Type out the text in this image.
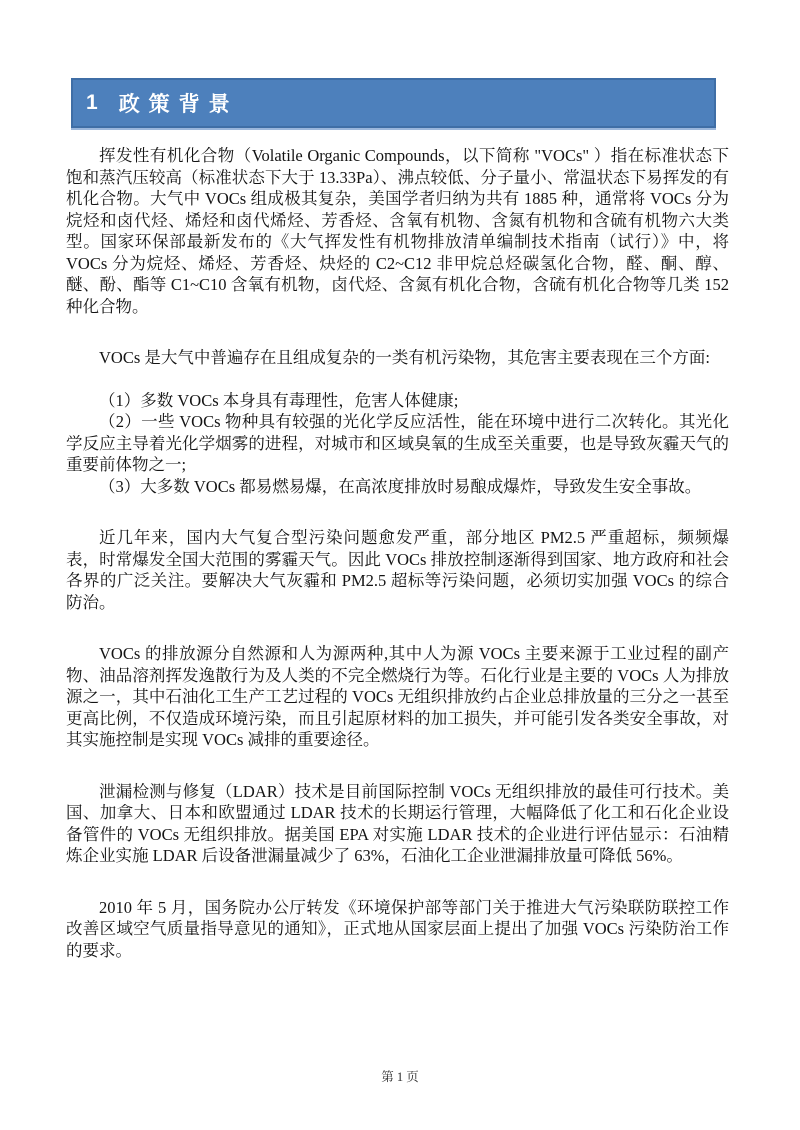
1 政策背景

挥发性有机化合物（Volatile Organic Compounds，以下简称 "VOCs" ）指在标准状态下饱和蒸汽压较高（标准状态下大于 13.33Pa）、沸点较低、分子量小、常温状态下易挥发的有机化合物。大气中 VOCs 组成极其复杂，美国学者归纳为共有 1885 种，通常将 VOCs 分为烷烃和卤代烃、烯烃和卤代烯烃、芳香烃、含氧有机物、含氮有机物和含硫有机物六大类型。国家环保部最新发布的《大气挥发性有机物排放清单编制技术指南（试行）》中，将 VOCs 分为烷烃、烯烃、芳香烃、炔烃的 C2~C12 非甲烷总烃碳氢化合物，醛、酮、醇、醚、酚、酯等 C1~C10 含氧有机物，卤代烃、含氮有机化合物，含硫有机化合物等几类 152 种化合物。

VOCs 是大气中普遍存在且组成复杂的一类有机污染物，其危害主要表现在三个方面:

（1）多数 VOCs 本身具有毒理性，危害人体健康;

（2）一些 VOCs 物种具有较强的光化学反应活性，能在环境中进行二次转化。其光化学反应主导着光化学烟雾的进程，对城市和区域臭氧的生成至关重要，也是导致灰霾天气的重要前体物之一;

（3）大多数 VOCs 都易燃易爆，在高浓度排放时易酿成爆炸，导致发生安全事故。

近几年来，国内大气复合型污染问题愈发严重，部分地区 PM2.5 严重超标，频频爆表，时常爆发全国大范围的雾霾天气。因此 VOCs 排放控制逐渐得到国家、地方政府和社会各界的广泛关注。要解决大气灰霾和 PM2.5 超标等污染问题，必须切实加强 VOCs 的综合防治。

VOCs 的排放源分自然源和人为源两种,其中人为源 VOCs 主要来源于工业过程的副产物、油品溶剂挥发逸散行为及人类的不完全燃烧行为等。石化行业是主要的 VOCs 人为排放源之一，其中石油化工生产工艺过程的 VOCs 无组织排放约占企业总排放量的三分之一甚至更高比例，不仅造成环境污染，而且引起原材料的加工损失，并可能引发各类安全事故，对其实施控制是实现 VOCs 减排的重要途径。

泄漏检测与修复（LDAR）技术是目前国际控制 VOCs 无组织排放的最佳可行技术。美国、加拿大、日本和欧盟通过 LDAR 技术的长期运行管理，大幅降低了化工和石化企业设备管件的 VOCs 无组织排放。据美国 EPA 对实施 LDAR 技术的企业进行评估显示：石油精炼企业实施 LDAR 后设备泄漏量减少了 63%，石油化工企业泄漏排放量可降低 56%。

2010 年 5 月，国务院办公厅转发《环境保护部等部门关于推进大气污染联防联控工作改善区域空气质量指导意见的通知》，正式地从国家层面上提出了加强 VOCs 污染防治工作的要求。

第 1 页
